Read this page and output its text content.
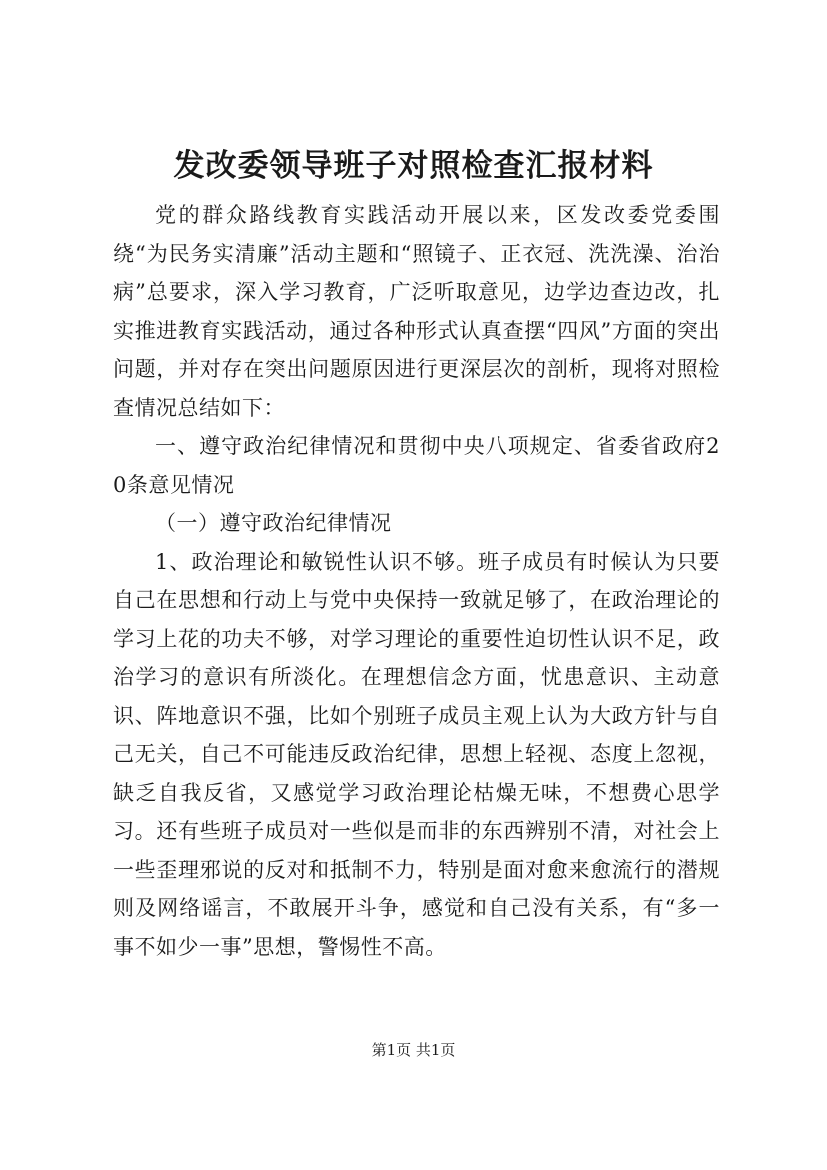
发改委领导班子对照检查汇报材料

党的群众路线教育实践活动开展以来，区发改委党委围绕“为民务实清廉”活动主题和“照镜子、正衣冠、洗洗澡、治治病”总要求，深入学习教育，广泛听取意见，边学边查边改，扎实推进教育实践活动，通过各种形式认真查摆“四风”方面的突出问题，并对存在突出问题原因进行更深层次的剖析，现将对照检查情况总结如下：

一、遵守政治纪律情况和贯彻中央八项规定、省委省政府20条意见情况

（一）遵守政治纪律情况

1、政治理论和敏锐性认识不够。班子成员有时候认为只要自己在思想和行动上与党中央保持一致就足够了，在政治理论的学习上花的功夫不够，对学习理论的重要性迫切性认识不足，政治学习的意识有所淡化。在理想信念方面，忧患意识、主动意识、阵地意识不强，比如个别班子成员主观上认为大政方针与自己无关，自己不可能违反政治纪律，思想上轻视、态度上忽视，缺乏自我反省，又感觉学习政治理论枯燥无味，不想费心思学习。还有些班子成员对一些似是而非的东西辨别不清，对社会上一些歪理邪说的反对和抵制不力，特别是面对愈来愈流行的潜规则及网络谣言，不敢展开斗争，感觉和自己没有关系，有“多一事不如少一事”思想，警惕性不高。

第1页 共1页
